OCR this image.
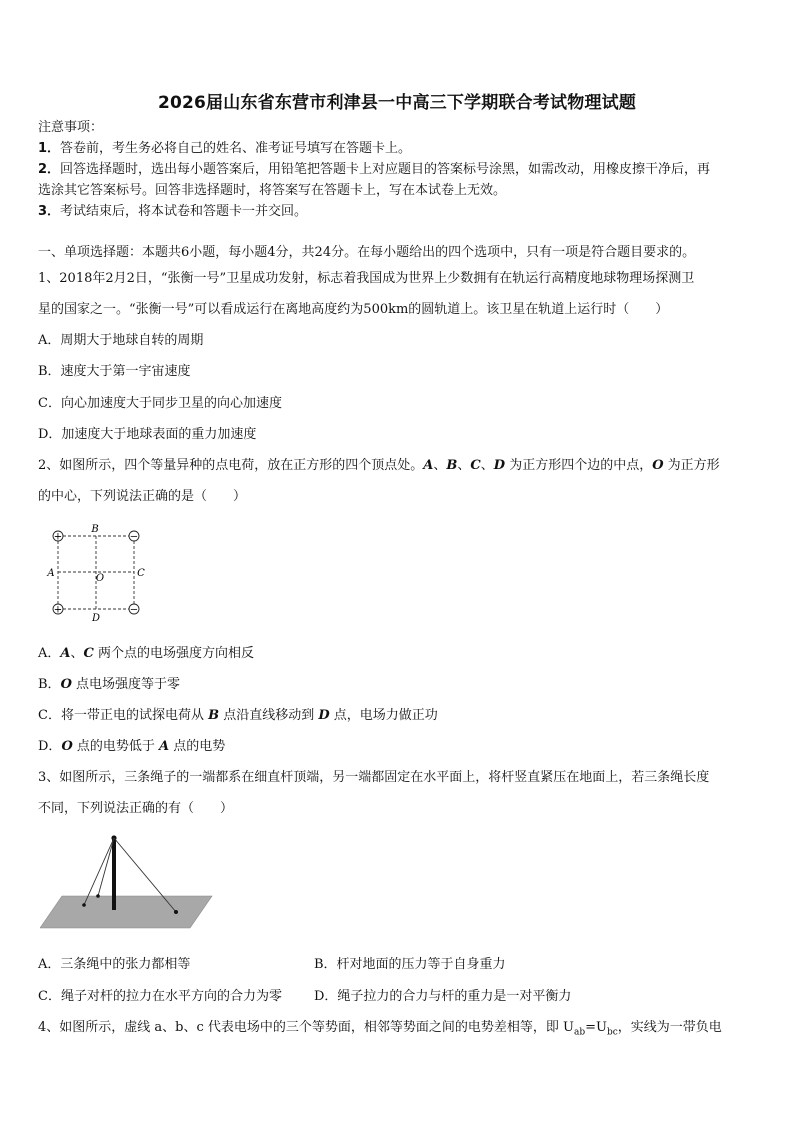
2026届山东省东营市利津县一中高三下学期联合考试物理试题
注意事项：
1．答卷前，考生务必将自己的姓名、准考证号填写在答题卡上。
2．回答选择题时，选出每小题答案后，用铅笔把答题卡上对应题目的答案标号涂黑，如需改动，用橡皮擦干净后，再
选涂其它答案标号。回答非选择题时，将答案写在答题卡上，写在本试卷上无效。
3．考试结束后，将本试卷和答题卡一并交回。
一、单项选择题：本题共6小题，每小题4分，共24分。在每小题给出的四个选项中，只有一项是符合题目要求的。
1、2018年2月2日，“张衡一号”卫星成功发射，标志着我国成为世界上少数拥有在轨运行高精度地球物理场探测卫
星的国家之一。“张衡一号”可以看成运行在离地高度约为500km的圆轨道上。该卫星在轨道上运行时（　　）
A．周期大于地球自转的周期
B．速度大于第一宇宙速度
C．向心加速度大于同步卫星的向心加速度
D．加速度大于地球表面的重力加速度
2、如图所示，四个等量异种的点电荷，放在正方形的四个顶点处。A、B、C、D 为正方形四个边的中点，O 为正方形
的中心，下列说法正确的是（　　）
+	−
+	−
B
A	O	C
D
A．A、C 两个点的电场强度方向相反
B．O 点电场强度等于零
C．将一带正电的试探电荷从 B 点沿直线移动到 D 点，电场力做正功
D．O 点的电势低于 A 点的电势
3、如图所示，三条绳子的一端都系在细直杆顶端，另一端都固定在水平面上，将杆竖直紧压在地面上，若三条绳长度
不同，下列说法正确的有（　　）
A．三条绳中的张力都相等	B．杆对地面的压力等于自身重力
C．绳子对杆的拉力在水平方向的合力为零 D．绳子拉力的合力与杆的重力是一对平衡力
4、如图所示，虚线 a、b、c 代表电场中的三个等势面，相邻等势面之间的电势差相等，即 $U_{ab}=U_{bc}$，实线为一带负电
